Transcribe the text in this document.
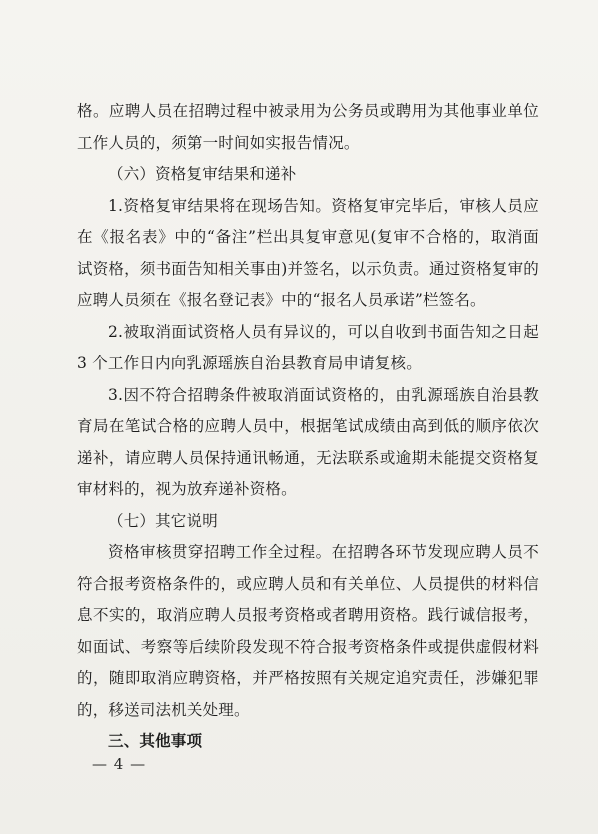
格。应聘人员在招聘过程中被录用为公务员或聘用为其他事业单位工作人员的，须第一时间如实报告情况。

（六）资格复审结果和递补

1.资格复审结果将在现场告知。资格复审完毕后，审核人员应在《报名表》中的“备注”栏出具复审意见(复审不合格的，取消面试资格，须书面告知相关事由)并签名，以示负责。通过资格复审的应聘人员须在《报名登记表》中的“报名人员承诺”栏签名。

2.被取消面试资格人员有异议的，可以自收到书面告知之日起 3 个工作日内向乳源瑶族自治县教育局申请复核。

3.因不符合招聘条件被取消面试资格的，由乳源瑶族自治县教育局在笔试合格的应聘人员中，根据笔试成绩由高到低的顺序依次递补，请应聘人员保持通讯畅通，无法联系或逾期未能提交资格复审材料的，视为放弃递补资格。

（七）其它说明

资格审核贯穿招聘工作全过程。在招聘各环节发现应聘人员不符合报考资格条件的，或应聘人员和有关单位、人员提供的材料信息不实的，取消应聘人员报考资格或者聘用资格。践行诚信报考，如面试、考察等后续阶段发现不符合报考资格条件或提供虚假材料的，随即取消应聘资格，并严格按照有关规定追究责任，涉嫌犯罪的，移送司法机关处理。

三、其他事项

— 4 —
